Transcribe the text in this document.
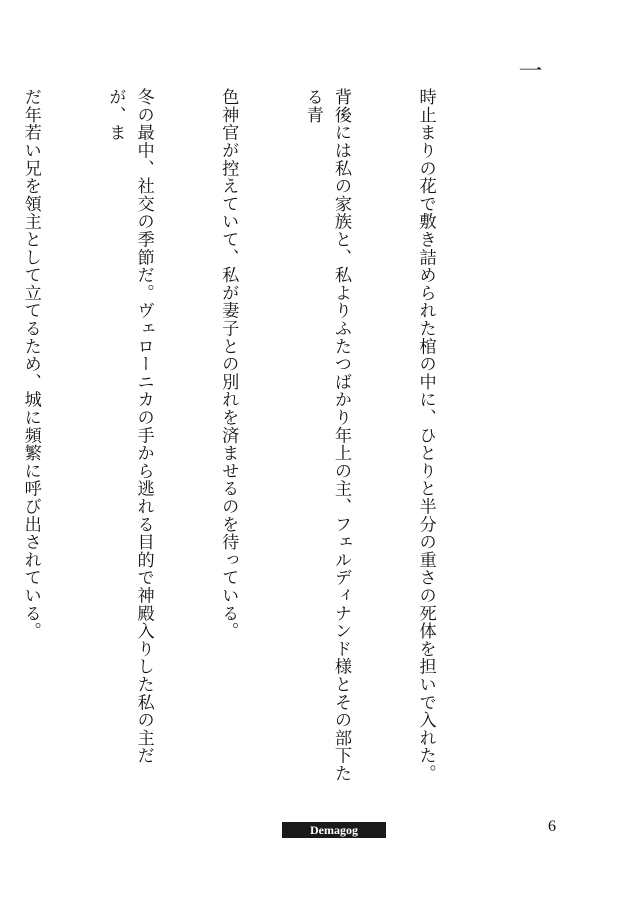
一

時止まりの花で敷き詰められた棺の中に、ひとりと半分の重さの死体を担いで入れた。

背後には私の家族と、私よりふたつばかり年上の主、フェルディナンド様とその部下たる青

色神官が控えていて、私が妻子との別れを済ませるのを待っている。

冬の最中、社交の季節だ。ヴェローニカの手から逃れる目的で神殿入りした私の主だが、ま

だ年若い兄を領主として立てるため、城に頻繁に呼び出されている。

Demagog	6
